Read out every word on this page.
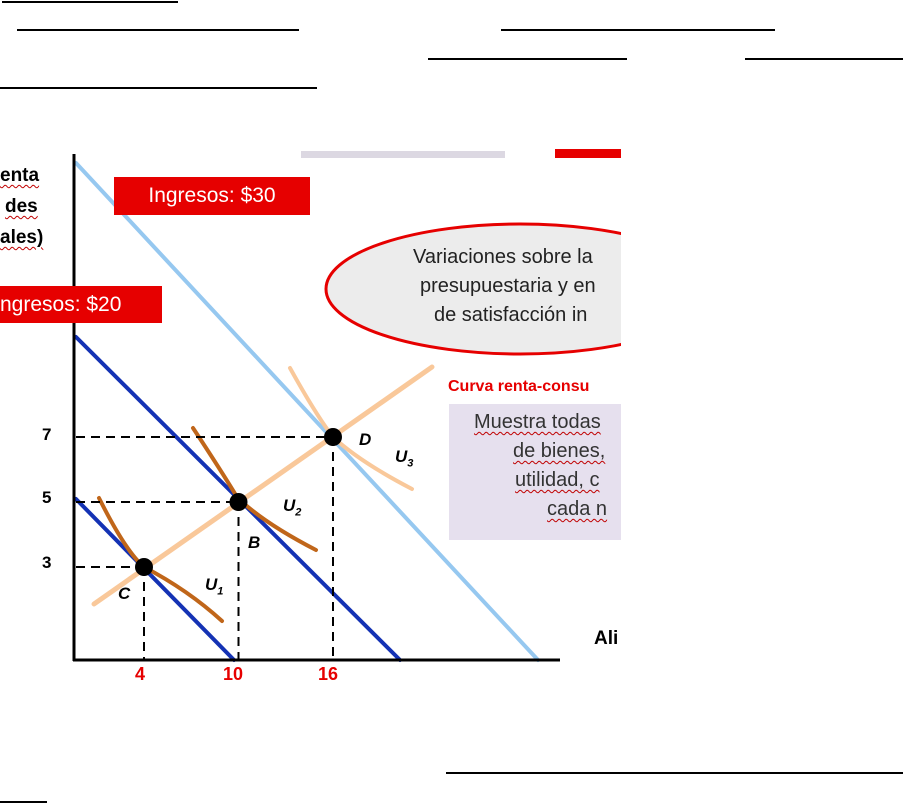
enta
des
ales)
Ingresos: $30
ngresos: $20
Variaciones sobre la
presupuestaria y en
de satisfacción in
Curva renta-consu
Muestra todas
de bienes,
utilidad, c
cada n
Ali
7
5
3
4	10	16
C
B
D
$U_1$
$U_2$
$U_3$
